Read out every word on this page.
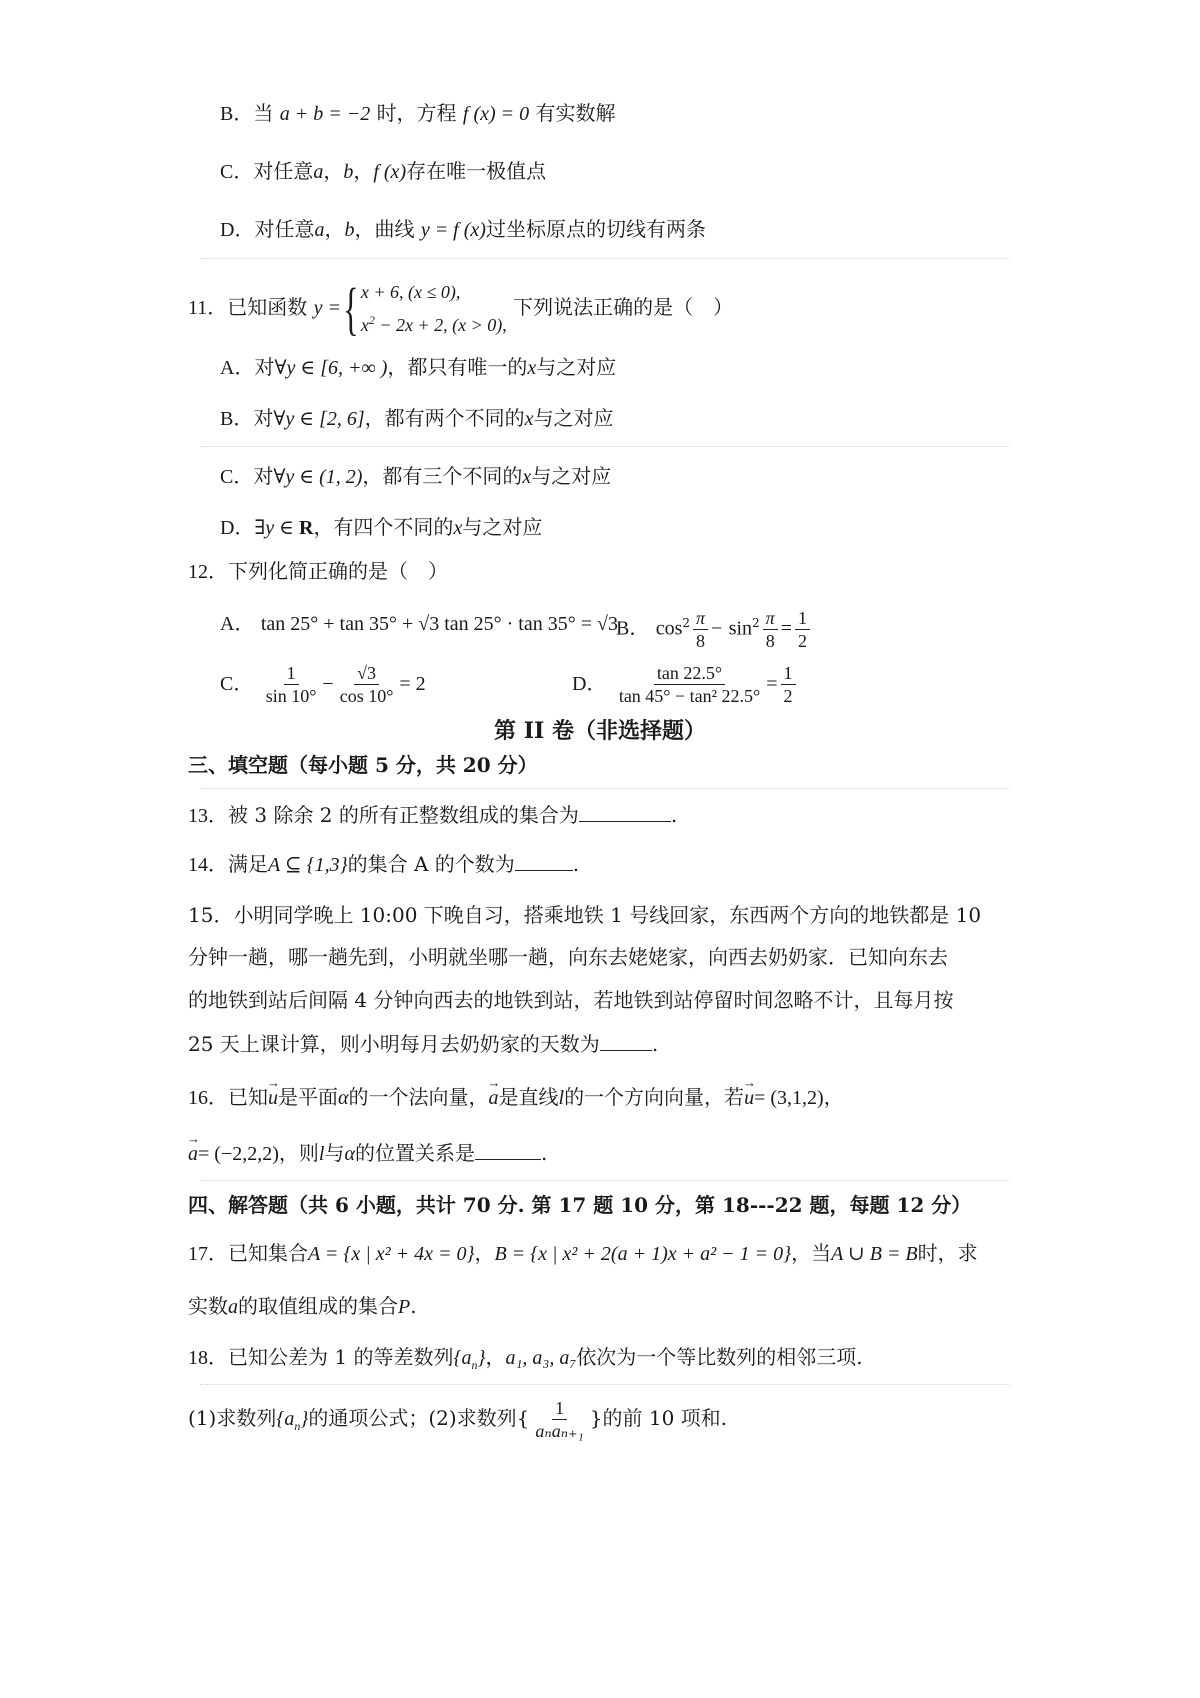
B．当 a + b = −2 时，方程 f (x) = 0 有实数解
C．对任意a，b，f (x)存在唯一极值点
D．对任意a，b，曲线 y = f (x)过坐标原点的切线有两条
11．已知函数 y ={ x + 6, (x ≤ 0),
$x^2 - 2x + 2$, (x > 0),
下列说法正确的是（　）
A．对∀y ∈ [6, +∞ )，都只有唯一的x与之对应
B．对∀y ∈ [2, 6]，都有两个不同的x与之对应
C．对∀y ∈ (1, 2)，都有三个不同的x与之对应
D．∃y ∈ R，有四个不同的x与之对应
12．下列化简正确的是（　）
A． tan 25° + tan 35° + √3 tan 25° · tan 35° = √3
B． $\cos^2 \frac{\pi}{8} - \sin^2 \frac{\pi}{8} = \frac{1}{2}$
C． $\frac{1}{\sin 10^\circ} - \frac{√3}{\cos 10^\circ} = 2$	D． $\frac{\tan 22.5^\circ}{\text{tan 45° − tan² 22.5°}} = \frac{1}{2}$
第 II 卷（非选择题）
三、填空题（每小题 5 分，共 20 分）
13．被 3 除余 2 的所有正整数组成的集合为	.
14．满足A ⊆ {1,3}的集合 A 的个数为	.
15．小明同学晚上 10:00 下晚自习，搭乘地铁 1 号线回家，东西两个方向的地铁都是 10
分钟一趟，哪一趟先到，小明就坐哪一趟，向东去姥姥家，向西去奶奶家．已知向东去
的地铁到站后间隔 4 分钟向西去的地铁到站，若地铁到站停留时间忽略不计，且每月按
25 天上课计算，则小明每月去奶奶家的天数为	.
16．已知→ u是平面α的一个法向量，→ a是直线l的一个方向向量，若→ u= (3,1,2)，
→ a= (−2,2,2)，则l与α的位置关系是	.
四、解答题（共 6 小题，共计 70 分. 第 17 题 10 分，第 18---22 题，每题 12 分）
17．已知集合A = {x | x² + 4x = 0}，B = {x | x² + 2(a + 1)x + a² − 1 = 0}，当A ∪ B = B时，求
实数a的取值组成的集合P.
18．已知公差为 1 的等差数列$\{a_n\}$，a₁, a₃, a₇依次为一个等比数列的相邻三项.
(1)求数列$\{a_n\}$的通项公式；(2)求数列{ $\frac{1}{\text{aₙaₙ₊₁}}$ }的前 10 项和.
